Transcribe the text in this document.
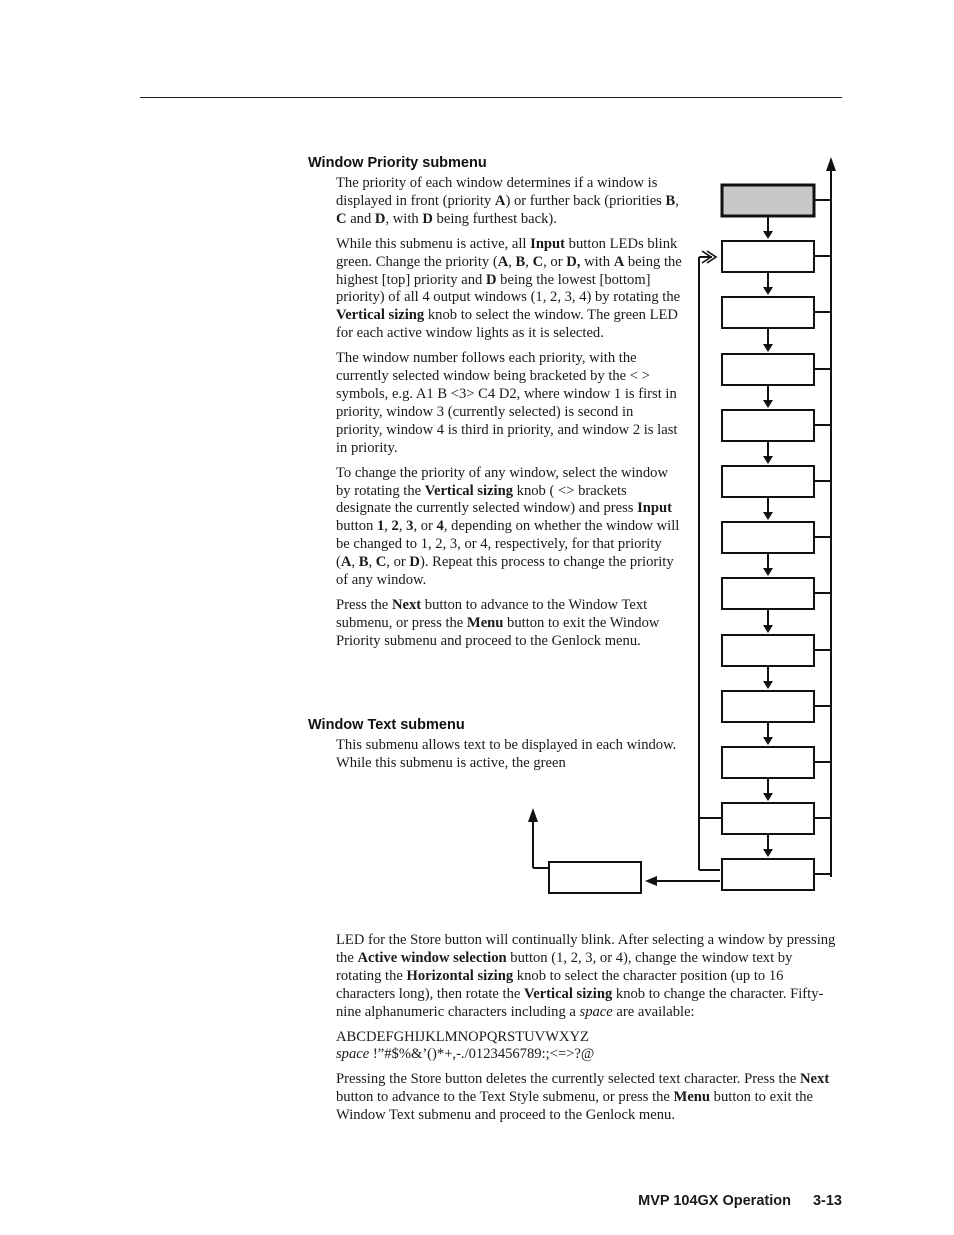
Window Priority submenu

The priority of each window determines if a window is displayed in front (priority A) or further back (priorities B, C and D, with D being furthest back).

While this submenu is active, all Input button LEDs blink green. Change the priority (A, B, C, or D, with A being the highest [top] priority and D being the lowest [bottom] priority) of all 4 output windows (1, 2, 3, 4) by rotating the Vertical sizing knob to select the window. The green LED for each active window lights as it is selected.

The window number follows each priority, with the currently selected window being bracketed by the < > symbols, e.g. A1 B <3> C4 D2, where window 1 is first in priority, window 3 (currently selected) is second in priority, window 4 is third in priority, and window 2 is last in priority.

To change the priority of any window, select the window by rotating the Vertical sizing knob ( <> brackets designate the currently selected window) and press Input button 1, 2, 3, or 4, depending on whether the window will be changed to 1, 2, 3, or 4, respectively, for that priority (A, B, C, or D). Repeat this process to change the priority of any window.

Press the Next button to advance to the Window Text submenu, or press the Menu button to exit the Window Priority submenu and proceed to the Genlock menu.

Window Text submenu

This submenu allows text to be displayed in each window. While this submenu is active, the green

LED for the Store button will continually blink. After selecting a window by pressing the Active window selection button (1, 2, 3, or 4), change the window text by rotating the Horizontal sizing knob to select the character position (up to 16 characters long), then rotate the Vertical sizing knob to change the character. Fifty-nine alphanumeric characters including a space are available:

ABCDEFGHIJKLMNOPQRSTUVWXYZ
space !”#$%&’()*+,-./0123456789:;<=>?@

Pressing the Store button deletes the currently selected text character. Press the Next button to advance to the Text Style submenu, or press the Menu button to exit the Window Text submenu and proceed to the Genlock menu.

MVP 104GX Operation 3-13
